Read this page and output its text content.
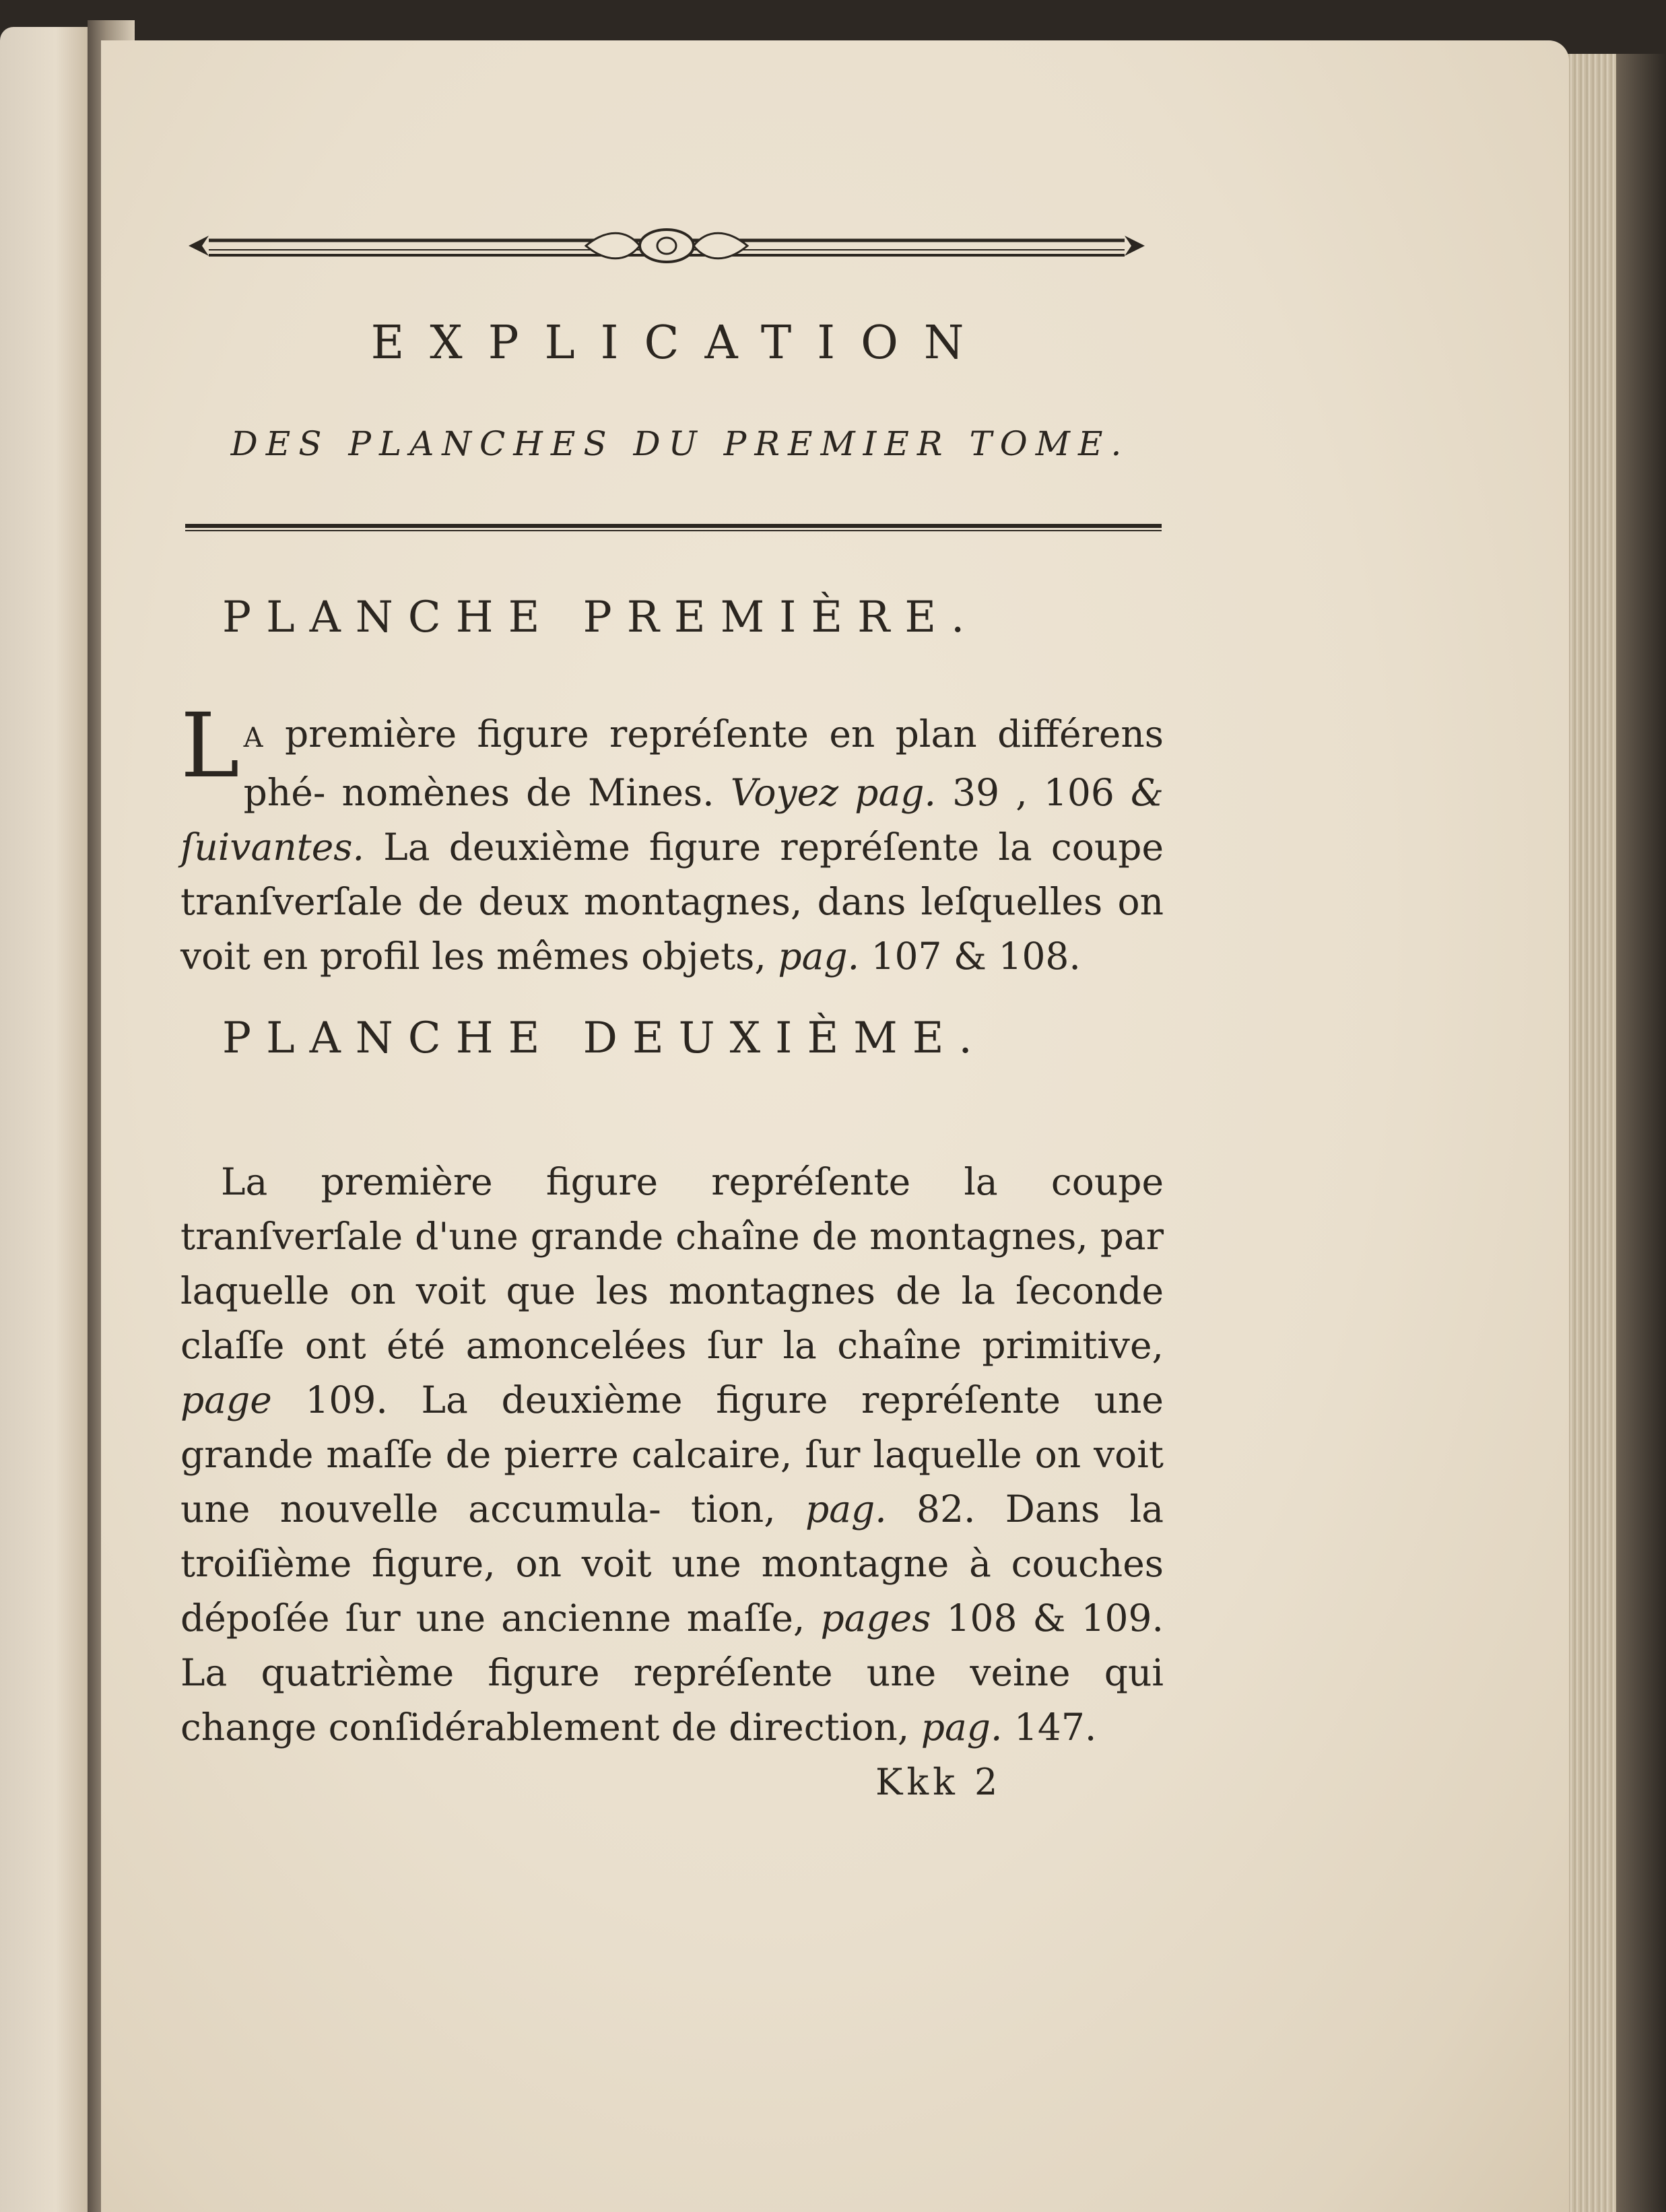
EXPLICATION
DES PLANCHES DU PREMIER TOME.
PLANCHE PREMIÈRE.
L A première figure repréſente en plan différens phé- nomènes de Mines. Voyez pag. 39 , 106 & ſuivantes. La deuxième figure repréſente la coupe tranſverſale de deux montagnes, dans leſquelles on voit en profil les mêmes objets, pag. 107 & 108.
PLANCHE DEUXIÈME.
La première figure repréſente la coupe tranſverſale d'une grande chaîne de montagnes, par laquelle on voit que les montagnes de la ſeconde claſſe ont été amoncelées ſur la chaîne primitive, page 109. La deuxième figure repréſente une grande maſſe de pierre calcaire, ſur laquelle on voit une nouvelle accumula- tion, pag. 82. Dans la troiſième figure, on voit une montagne à couches dépoſée ſur une ancienne maſſe, pages 108 & 109. La quatrième figure repréſente une veine qui change conſidérablement de direction, pag. 147.
Kkk 2
